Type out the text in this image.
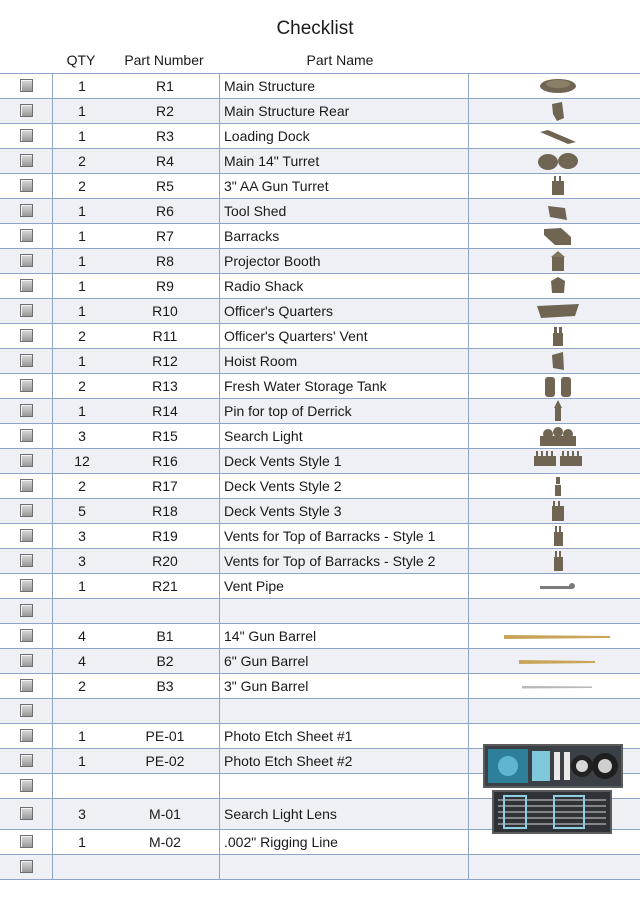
Checklist
QTY	Part Number	Part Name
	1	R1	Main Structure	
	1	R2	Main Structure Rear	
	1	R3	Loading Dock	
	2	R4	Main 14" Turret	
	2	R5	3" AA Gun Turret	
	1	R6	Tool Shed	
	1	R7	Barracks	
	1	R8	Projector Booth	
	1	R9	Radio Shack	
	1	R10	Officer's Quarters	
	2	R11	Officer's Quarters' Vent	
	1	R12	Hoist Room	
	2	R13	Fresh Water Storage Tank	
	1	R14	Pin for top of Derrick	
	3	R15	Search Light	
	12	R16	Deck Vents Style 1	
	2	R17	Deck Vents Style 2	
	5	R18	Deck Vents Style 3	
	3	R19	Vents for Top of Barracks - Style 1	
	3	R20	Vents for Top of Barracks - Style 2	
	1	R21	Vent Pipe	

	4	B1	14" Gun Barrel	
	4	B2	6" Gun Barrel	
	2	B3	3" Gun Barrel	

	1	PE-01	Photo Etch Sheet #1	
	1	PE-02	Photo Etch Sheet #2	

	3	M-01	Search Light Lens	
	1	M-02	.002" Rigging Line	
